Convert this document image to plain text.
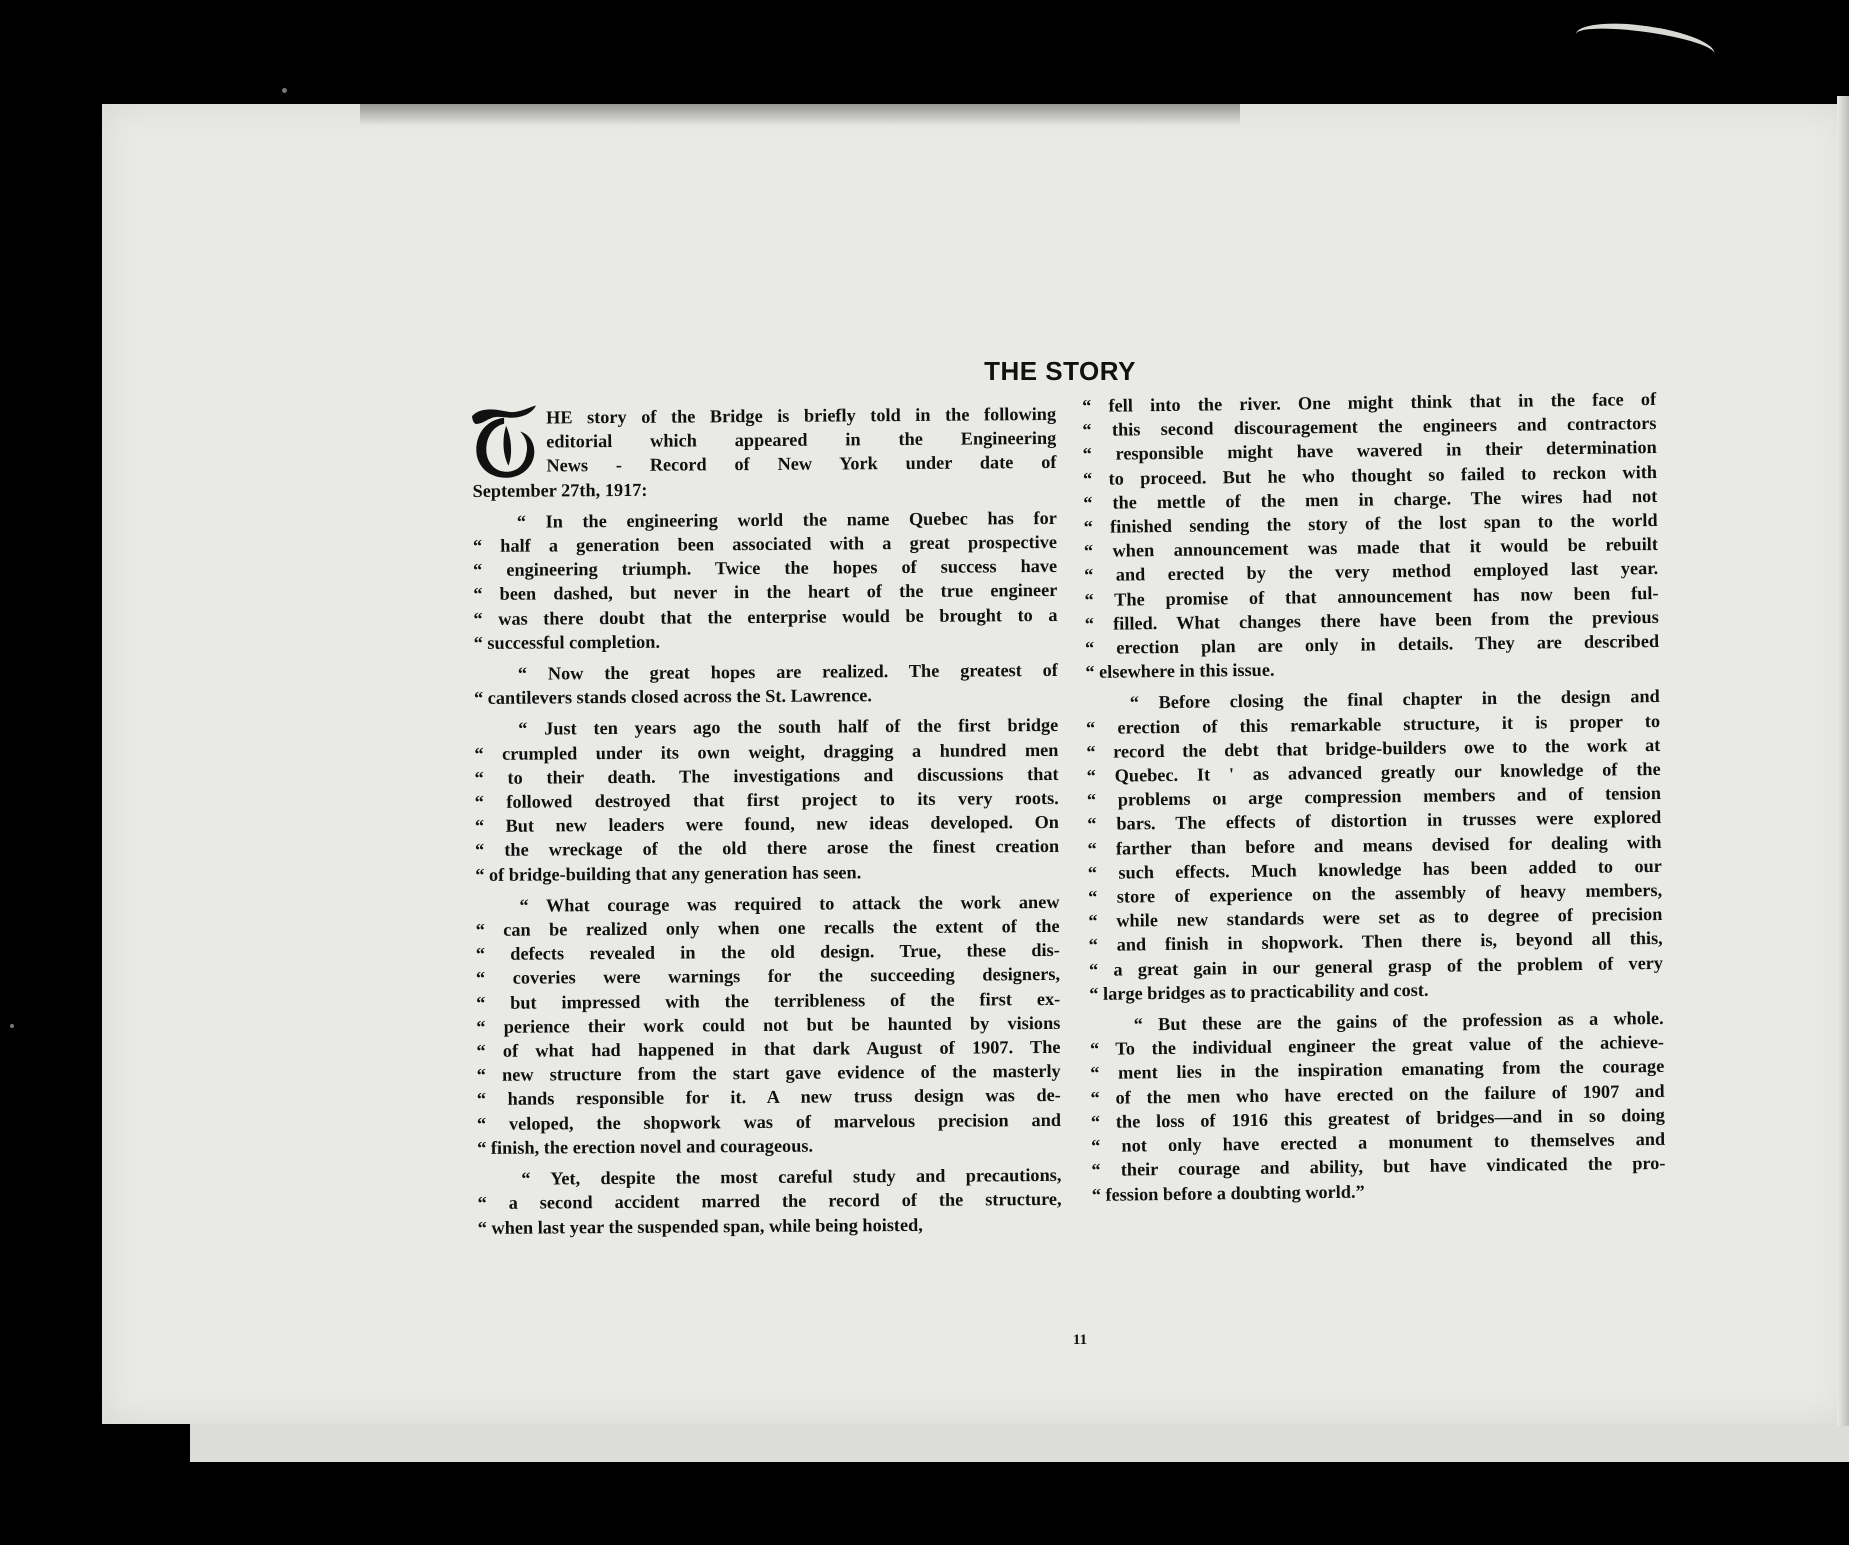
THE STORY
HE story of the Bridge is briefly told in the following
editorial which appeared in the Engineering
News - Record of New York under date of
September 27th, 1917:
“ In the engineering world the name Quebec has for
“ half a generation been associated with a great prospective
“ engineering triumph. Twice the hopes of success have
“ been dashed, but never in the heart of the true engineer
“ was there doubt that the enterprise would be brought to a
“ successful completion.
“ Now the great hopes are realized. The greatest of
“ cantilevers stands closed across the St. Lawrence.
“ Just ten years ago the south half of the first bridge
“ crumpled under its own weight, dragging a hundred men
“ to their death. The investigations and discussions that
“ followed destroyed that first project to its very roots.
“ But new leaders were found, new ideas developed. On
“ the wreckage of the old there arose the finest creation
“ of bridge-building that any generation has seen.
“ What courage was required to attack the work anew
“ can be realized only when one recalls the extent of the
“ defects revealed in the old design. True, these dis-
“ coveries were warnings for the succeeding designers,
“ but impressed with the terribleness of the first ex-
“ perience their work could not but be haunted by visions
“ of what had happened in that dark August of 1907. The
“ new structure from the start gave evidence of the masterly
“ hands responsible for it. A new truss design was de-
“ veloped, the shopwork was of marvelous precision and
“ finish, the erection novel and courageous.
“ Yet, despite the most careful study and precautions,
“ a second accident marred the record of the structure,
“ when last year the suspended span, while being hoisted,
“ fell into the river. One might think that in the face of
“ this second discouragement the engineers and contractors
“ responsible might have wavered in their determination
“ to proceed. But he who thought so failed to reckon with
“ the mettle of the men in charge. The wires had not
“ finished sending the story of the lost span to the world
“ when announcement was made that it would be rebuilt
“ and erected by the very method employed last year.
“ The promise of that announcement has now been ful-
“ filled. What changes there have been from the previous
“ erection plan are only in details. They are described
“ elsewhere in this issue.
“ Before closing the final chapter in the design and
“ erection of this remarkable structure, it is proper to
“ record the debt that bridge-builders owe to the work at
“ Quebec. It ' as advanced greatly our knowledge of the
“ problems oı arge compression members and of tension
“ bars. The effects of distortion in trusses were explored
“ farther than before and means devised for dealing with
“ such effects. Much knowledge has been added to our
“ store of experience on the assembly of heavy members,
“ while new standards were set as to degree of precision
“ and finish in shopwork. Then there is, beyond all this,
“ a great gain in our general grasp of the problem of very
“ large bridges as to practicability and cost.
“ But these are the gains of the profession as a whole.
“ To the individual engineer the great value of the achieve-
“ ment lies in the inspiration emanating from the courage
“ of the men who have erected on the failure of 1907 and
“ the loss of 1916 this greatest of bridges—and in so doing
“ not only have erected a monument to themselves and
“ their courage and ability, but have vindicated the pro-
“ fession before a doubting world.”
11
